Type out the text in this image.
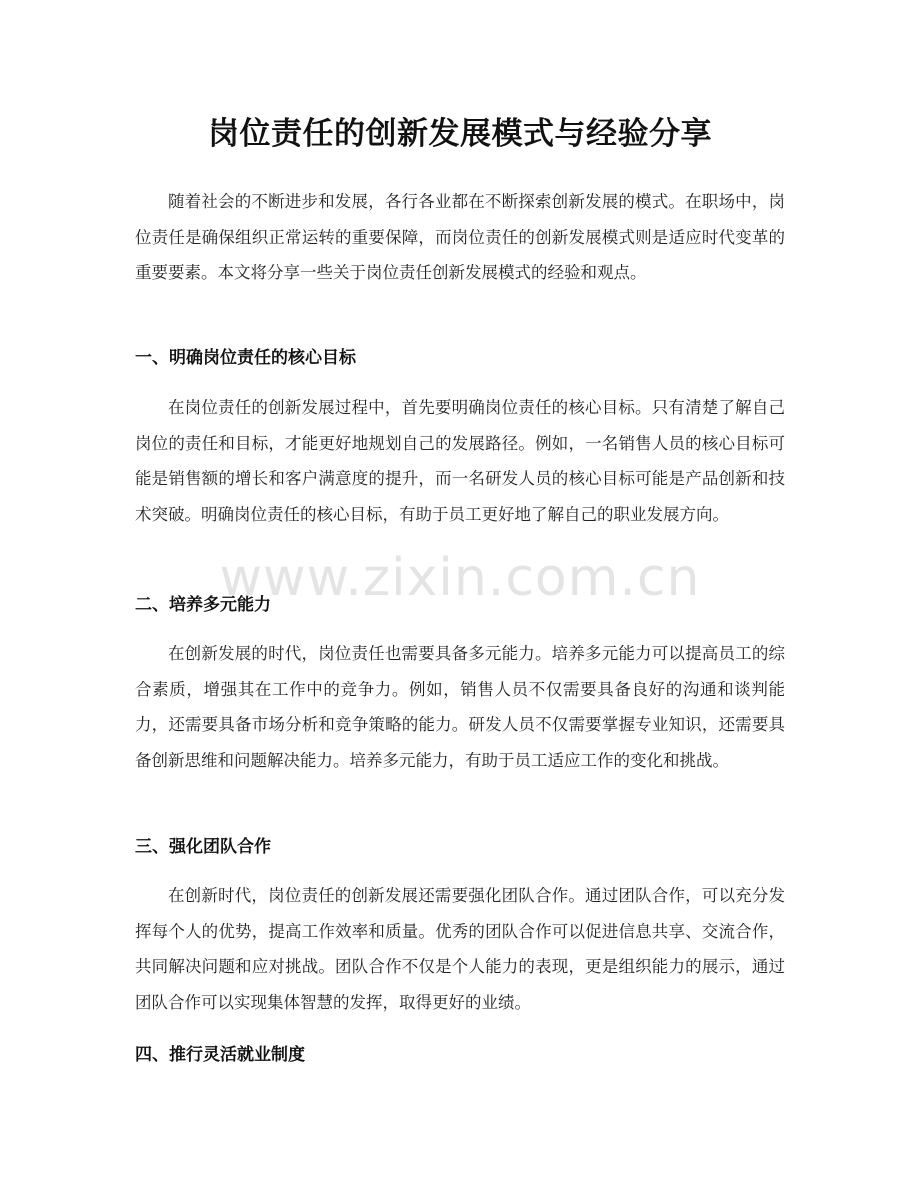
岗位责任的创新发展模式与经验分享

随着社会的不断进步和发展，各行各业都在不断探索创新发展的模式。在职场中，岗位责任是确保组织正常运转的重要保障，而岗位责任的创新发展模式则是适应时代变革的重要要素。本文将分享一些关于岗位责任创新发展模式的经验和观点。

一、明确岗位责任的核心目标

在岗位责任的创新发展过程中，首先要明确岗位责任的核心目标。只有清楚了解自己岗位的责任和目标，才能更好地规划自己的发展路径。例如，一名销售人员的核心目标可能是销售额的增长和客户满意度的提升，而一名研发人员的核心目标可能是产品创新和技术突破。明确岗位责任的核心目标，有助于员工更好地了解自己的职业发展方向。

二、培养多元能力

在创新发展的时代，岗位责任也需要具备多元能力。培养多元能力可以提高员工的综合素质，增强其在工作中的竞争力。例如，销售人员不仅需要具备良好的沟通和谈判能力，还需要具备市场分析和竞争策略的能力。研发人员不仅需要掌握专业知识，还需要具备创新思维和问题解决能力。培养多元能力，有助于员工适应工作的变化和挑战。

三、强化团队合作

在创新时代，岗位责任的创新发展还需要强化团队合作。通过团队合作，可以充分发挥每个人的优势，提高工作效率和质量。优秀的团队合作可以促进信息共享、交流合作，共同解决问题和应对挑战。团队合作不仅是个人能力的表现，更是组织能力的展示，通过团队合作可以实现集体智慧的发挥，取得更好的业绩。

四、推行灵活就业制度
www.zixin.com.cn
